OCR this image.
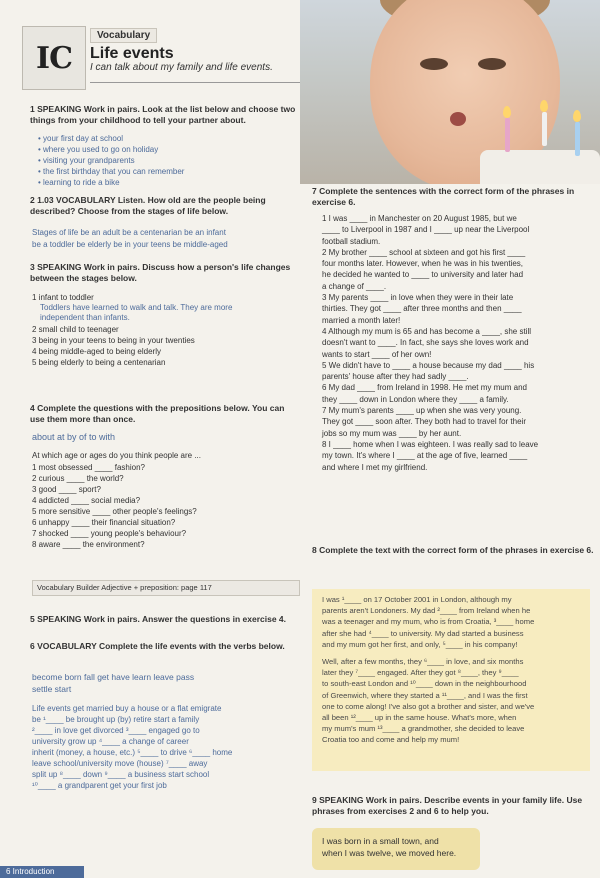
IC
Vocabulary
Life events
I can talk about my family and life events.
1 SPEAKING Work in pairs. Look at the list below and choose two things from your childhood to tell your partner about.
• your first day at school
• where you used to go on holiday
• visiting your grandparents
• the first birthday that you can remember
• learning to ride a bike
2 1.03 VOCABULARY Listen. How old are the people being described? Choose from the stages of life below.
Stages of life be an adult be a centenarian be an infant
be a toddler be elderly be in your teens be middle-aged
3 SPEAKING Work in pairs. Discuss how a person's life changes between the stages below.
1 infant to toddler
Toddlers have learned to walk and talk. They are more
independent than infants.
2 small child to teenager
3 being in your teens to being in your twenties
4 being middle-aged to being elderly
5 being elderly to being a centenarian
4 Complete the questions with the prepositions below. You can use them more than once.
about at by of to with
At which age or ages do you think people are ...
1 most obsessed ____ fashion?
2 curious ____ the world?
3 good ____ sport?
4 addicted ____ social media?
5 more sensitive ____ other people's feelings?
6 unhappy ____ their financial situation?
7 shocked ____ young people's behaviour?
8 aware ____ the environment?
Vocabulary Builder Adjective + preposition: page 117
5 SPEAKING Work in pairs. Answer the questions in exercise 4.
6 VOCABULARY Complete the life events with the verbs below.
become born fall get have learn leave pass
settle start
Life events get married buy a house or a flat emigrate
be ¹____ be brought up (by) retire start a family
²____ in love get divorced ³____ engaged go to
university grow up ⁴____ a change of career
inherit (money, a house, etc.) ⁵____ to drive ⁶____ home
leave school/university move (house) ⁷____ away
split up ⁸____ down ⁹____ a business start school
¹⁰____ a grandparent get your first job
7 Complete the sentences with the correct form of the phrases in exercise 6.
1 I was ____ in Manchester on 20 August 1985, but we
____ to Liverpool in 1987 and I ____ up near the Liverpool
football stadium.
2 My brother ____ school at sixteen and got his first ____
four months later. However, when he was in his twenties,
he decided he wanted to ____ to university and later had
a change of ____.
3 My parents ____ in love when they were in their late
thirties. They got ____ after three months and then ____
married a month later!
4 Although my mum is 65 and has become a ____, she still
doesn't want to ____. In fact, she says she loves work and
wants to start ____ of her own!
5 We didn't have to ____ a house because my dad ____ his
parents' house after they had sadly ____.
6 My dad ____ from Ireland in 1998. He met my mum and
they ____ down in London where they ____ a family.
7 My mum's parents ____ up when she was very young.
They got ____ soon after. They both had to travel for their
jobs so my mum was ____ by her aunt.
8 I ____ home when I was eighteen. I was really sad to leave
my town. It's where I ____ at the age of five, learned ____
and where I met my girlfriend.
8 Complete the text with the correct form of the phrases in exercise 6.
I was ¹____ on 17 October 2001 in London, although my
parents aren't Londoners. My dad ²____ from Ireland when he
was a teenager and my mum, who is from Croatia, ³____ home
after she had ⁴____ to university. My dad started a business
and my mum got her first, and only, ⁵____ in his company!
Well, after a few months, they ⁶____ in love, and six months
later they ⁷____ engaged. After they got ⁸____, they ⁹____
to south-east London and ¹⁰____ down in the neighbourhood
of Greenwich, where they started a ¹¹____, and I was the first
one to come along! I've also got a brother and sister, and we've
all been ¹²____ up in the same house. What's more, when
my mum's mum ¹³____ a grandmother, she decided to leave
Croatia too and come and help my mum!
9 SPEAKING Work in pairs. Describe events in your family life. Use phrases from exercises 2 and 6 to help you.
I was born in a small town, and
when I was twelve, we moved here.
6 Introduction
